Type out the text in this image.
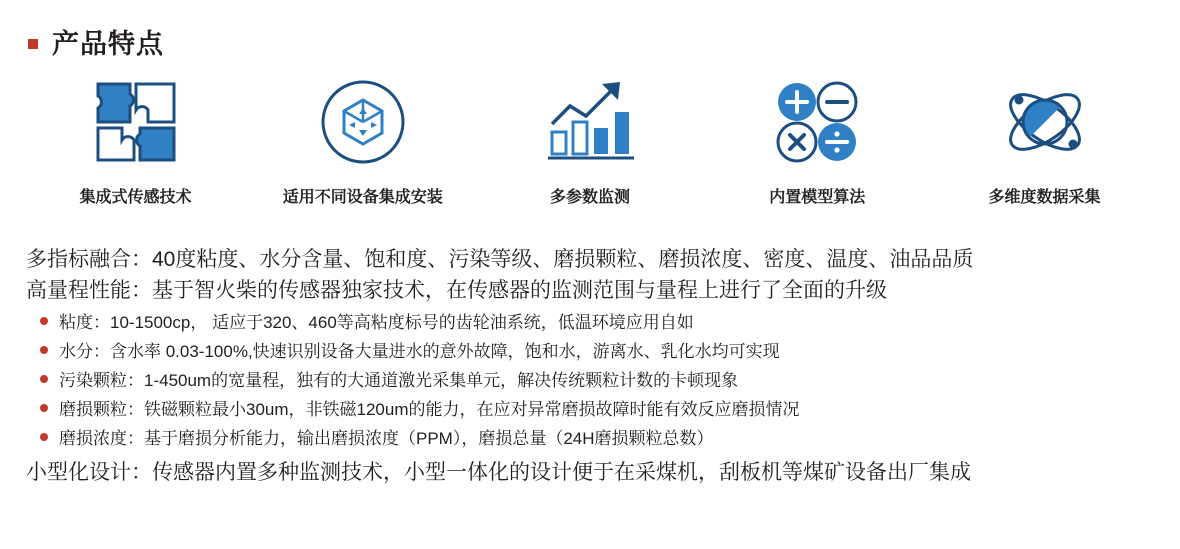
产品特点
集成式传感技术	适用不同设备集成安装	多参数监测	内置模型算法	多维度数据采集
多指标融合：40度粘度、水分含量、饱和度、污染等级、磨损颗粒、磨损浓度、密度、温度、油品品质
高量程性能：基于智火柴的传感器独家技术，在传感器的监测范围与量程上进行了全面的升级
粘度：10-1500cp， 适应于320、460等高粘度标号的齿轮油系统，低温环境应用自如
水分：含水率 0.03-100%,快速识别设备大量进水的意外故障，饱和水，游离水、乳化水均可实现
污染颗粒：1-450um的宽量程，独有的大通道激光采集单元，解决传统颗粒计数的卡顿现象
磨损颗粒：铁磁颗粒最小30um，非铁磁120um的能力，在应对异常磨损故障时能有效反应磨损情况
磨损浓度：基于磨损分析能力，输出磨损浓度（PPM），磨损总量（24H磨损颗粒总数）
小型化设计：传感器内置多种监测技术，小型一体化的设计便于在采煤机，刮板机等煤矿设备出厂集成
